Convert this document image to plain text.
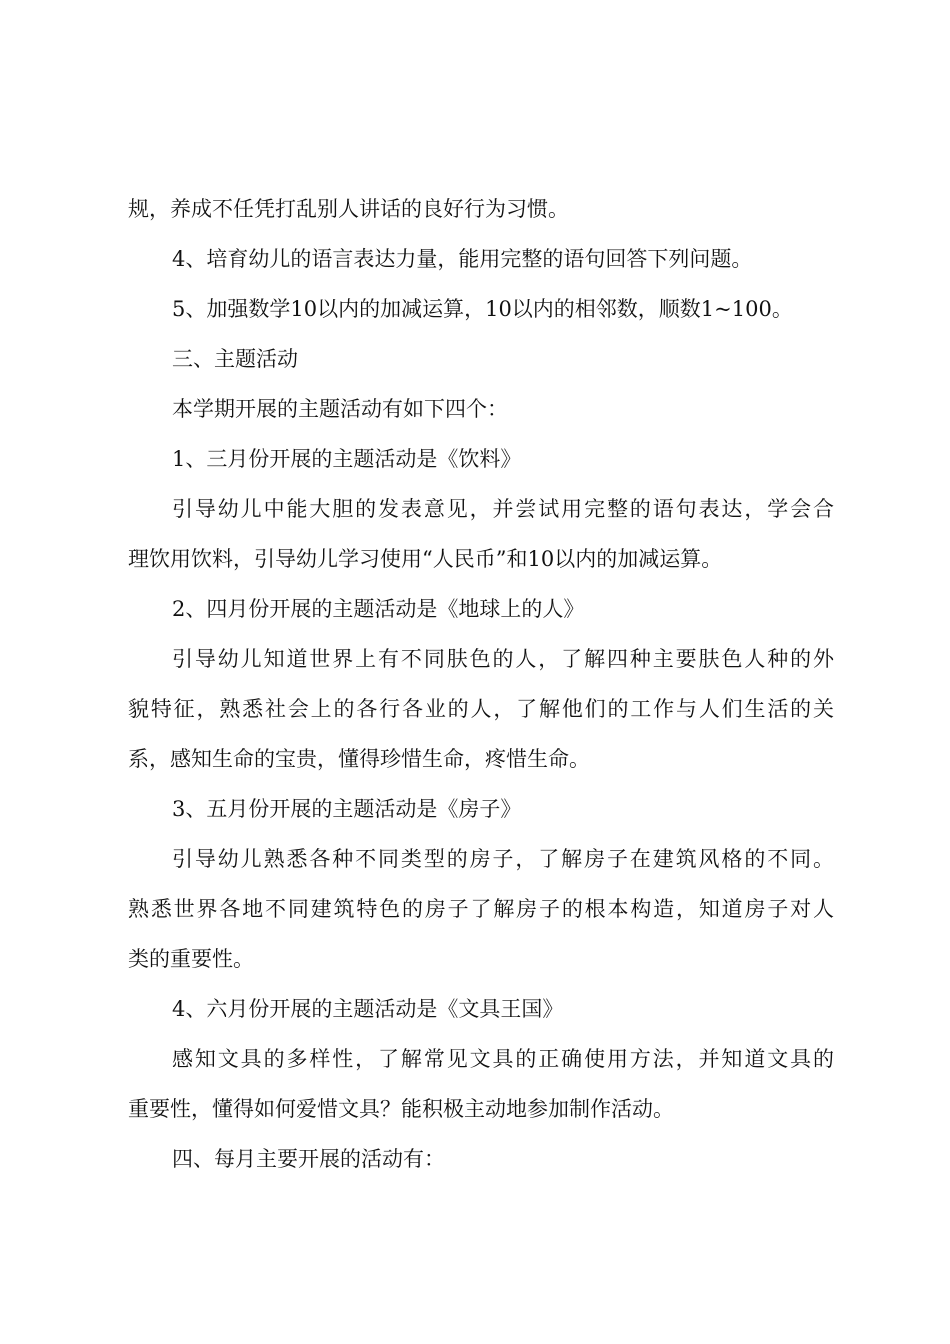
规，养成不任凭打乱别人讲话的良好行为习惯。
4、培育幼儿的语言表达力量，能用完整的语句回答下列问题。
5、加强数学10以内的加减运算，10以内的相邻数，顺数1~100。
三、主题活动
本学期开展的主题活动有如下四个：
1、三月份开展的主题活动是《饮料》
引导幼儿中能大胆的发表意见，并尝试用完整的语句表达，学会合
理饮用饮料，引导幼儿学习使用“人民币”和10以内的加减运算。
2、四月份开展的主题活动是《地球上的人》
引导幼儿知道世界上有不同肤色的人，了解四种主要肤色人种的外
貌特征，熟悉社会上的各行各业的人，了解他们的工作与人们生活的关
系，感知生命的宝贵，懂得珍惜生命，疼惜生命。
3、五月份开展的主题活动是《房子》
引导幼儿熟悉各种不同类型的房子，了解房子在建筑风格的不同。
熟悉世界各地不同建筑特色的房子了解房子的根本构造，知道房子对人
类的重要性。
4、六月份开展的主题活动是《文具王国》
感知文具的多样性，了解常见文具的正确使用方法，并知道文具的
重要性，懂得如何爱惜文具？能积极主动地参加制作活动。
四、每月主要开展的活动有：
